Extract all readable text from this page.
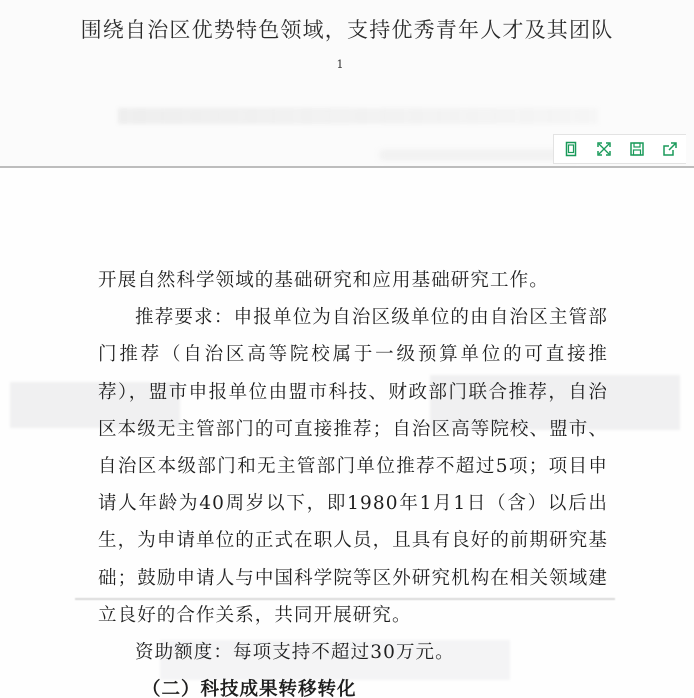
围绕自治区优势特色领域，支持优秀青年人才及其团队
1

开展自然科学领域的基础研究和应用基础研究工作。

推荐要求：申报单位为自治区级单位的由自治区主管部门推荐（自治区高等院校属于一级预算单位的可直接推荐），盟市申报单位由盟市科技、财政部门联合推荐，自治区本级无主管部门的可直接推荐；自治区高等院校、盟市、自治区本级部门和无主管部门单位推荐不超过5项；项目申请人年龄为40周岁以下，即1980年1月1日（含）以后出生，为申请单位的正式在职人员，且具有良好的前期研究基础；鼓励申请人与中国科学院等区外研究机构在相关领域建立良好的合作关系，共同开展研究。

资助额度：每项支持不超过30万元。

（二）科技成果转移转化
